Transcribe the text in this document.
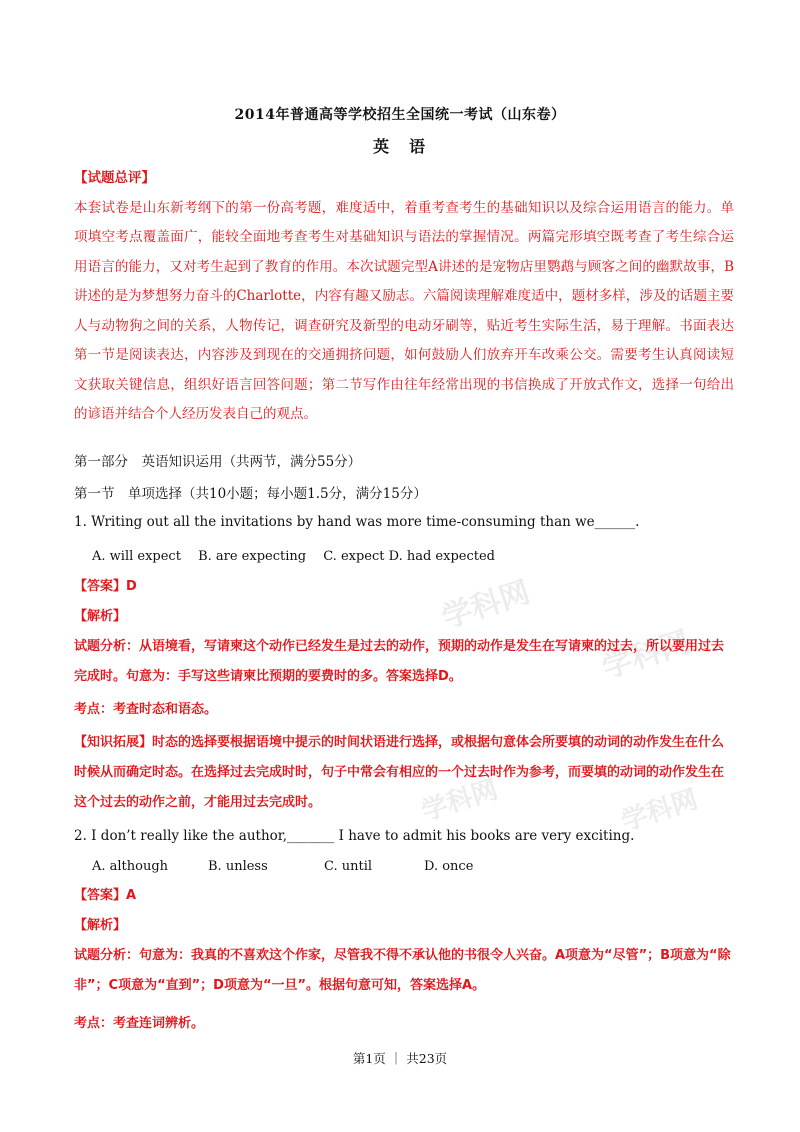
学科网
学科网
学科网	学科网
2014年普通高等学校招生全国统一考试（山东卷）
英　语
【试题总评】
本套试卷是山东新考纲下的第一份高考题，难度适中，着重考查考生的基础知识以及综合运用语言的能力。单项填空考点覆盖面广，能较全面地考查考生对基础知识与语法的掌握情况。两篇完形填空既考查了考生综合运用语言的能力，又对考生起到了教育的作用。本次试题完型A讲述的是宠物店里鹦鹉与顾客之间的幽默故事，B讲述的是为梦想努力奋斗的Charlotte，内容有趣又励志。六篇阅读理解难度适中，题材多样，涉及的话题主要人与动物狗之间的关系，人物传记，调查研究及新型的电动牙刷等，贴近考生实际生活，易于理解。书面表达第一节是阅读表达，内容涉及到现在的交通拥挤问题，如何鼓励人们放弃开车改乘公交。需要考生认真阅读短文获取关键信息，组织好语言回答问题；第二节写作由往年经常出现的书信换成了开放式作文，选择一句给出的谚语并结合个人经历发表自己的观点。
第一部分　英语知识运用（共两节，满分55分）
第一节　单项选择（共10小题；每小题1.5分，满分15分）
1. Writing out all the invitations by hand was more time-consuming than we______.
A. will expect　 B. are expecting　 C. expect D. had expected
【答案】D
【解析】
试题分析：从语境看，写请柬这个动作已经发生是过去的动作，预期的动作是发生在写请柬的过去，所以要用过去完成时。句意为：手写这些请柬比预期的要费时的多。答案选择D。
考点：考查时态和语态。
【知识拓展】时态的选择要根据语境中提示的时间状语进行选择，或根据句意体会所要填的动词的动作发生在什么时候从而确定时态。在选择过去完成时时，句子中常会有相应的一个过去时作为参考，而要填的动词的动作发生在这个过去的动作之前，才能用过去完成时。
2. I don’t really like the author,_______ I have to admit his books are very exciting.
A. although	B. unless	C. until	D. once
【答案】A
【解析】
试题分析：句意为：我真的不喜欢这个作家，尽管我不得不承认他的书很令人兴奋。A项意为“尽管”；B项意为“除非”；C项意为“直到”；D项意为“一旦”。根据句意可知，答案选择A。
考点：考查连词辨析。
第1页 ｜ 共23页
